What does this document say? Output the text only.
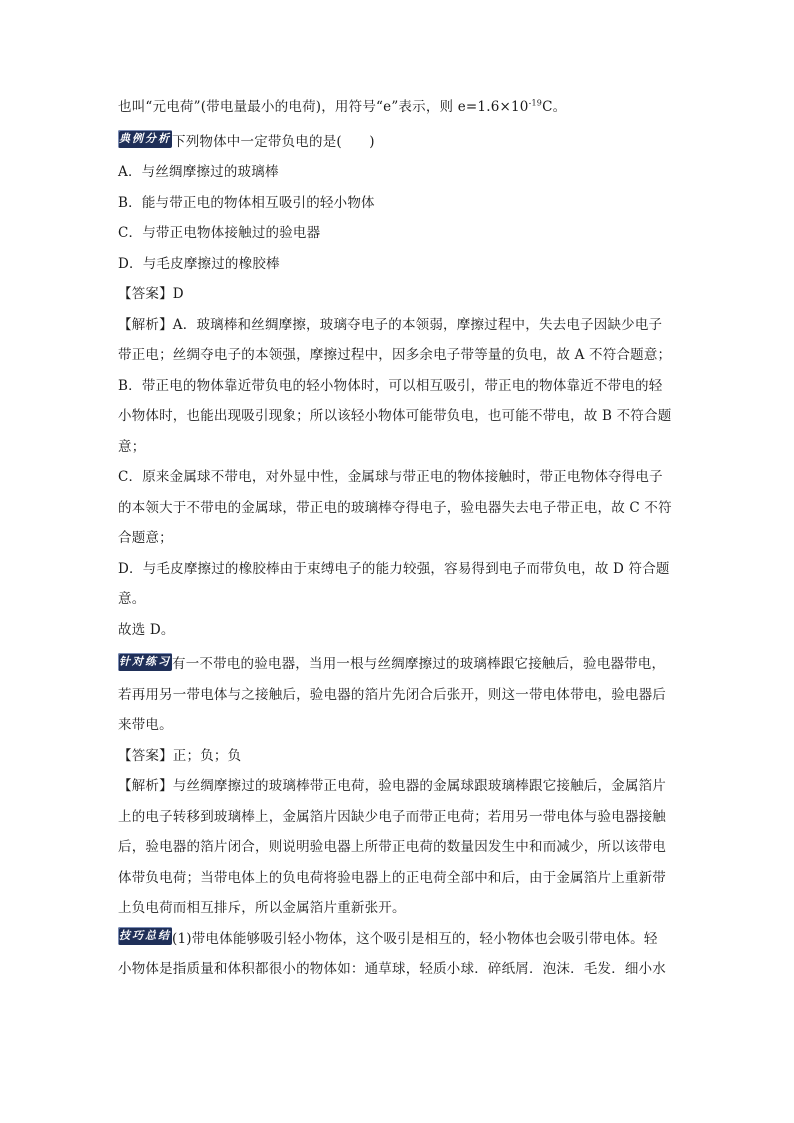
也叫“元电荷”(带电量最小的电荷)，用符号“e”表示，则 $e=1.6\times 10^{-19}C$。
典例分析下列物体中一定带负电的是(　　)
A．与丝绸摩擦过的玻璃棒
B．能与带正电的物体相互吸引的轻小物体
C．与带正电物体接触过的验电器
D．与毛皮摩擦过的橡胶棒
【答案】D
【解析】A．玻璃棒和丝绸摩擦，玻璃夺电子的本领弱，摩擦过程中，失去电子因缺少电子
带正电；丝绸夺电子的本领强，摩擦过程中，因多余电子带等量的负电，故 A 不符合题意；
B．带正电的物体靠近带负电的轻小物体时，可以相互吸引，带正电的物体靠近不带电的轻
小物体时，也能出现吸引现象；所以该轻小物体可能带负电，也可能不带电，故 B 不符合题
意；
C．原来金属球不带电，对外显中性，金属球与带正电的物体接触时，带正电物体夺得电子
的本领大于不带电的金属球，带正电的玻璃棒夺得电子，验电器失去电子带正电，故 C 不符
合题意；
D．与毛皮摩擦过的橡胶棒由于束缚电子的能力较强，容易得到电子而带负电，故 D 符合题
意。
故选 D。
针对练习有一不带电的验电器，当用一根与丝绸摩擦过的玻璃棒跟它接触后，验电器带电，
若再用另一带电体与之接触后，验电器的箔片先闭合后张开，则这一带电体带电，验电器后
来带电。
【答案】正；负；负
【解析】与丝绸摩擦过的玻璃棒带正电荷，验电器的金属球跟玻璃棒跟它接触后，金属箔片
上的电子转移到玻璃棒上，金属箔片因缺少电子而带正电荷；若用另一带电体与验电器接触
后，验电器的箔片闭合，则说明验电器上所带正电荷的数量因发生中和而减少，所以该带电
体带负电荷；当带电体上的负电荷将验电器上的正电荷全部中和后，由于金属箔片上重新带
上负电荷而相互排斥，所以金属箔片重新张开。
技巧总结(1)带电体能够吸引轻小物体，这个吸引是相互的，轻小物体也会吸引带电体。轻
小物体是指质量和体积都很小的物体如：通草球，轻质小球．碎纸屑．泡沫．毛发．细小水
